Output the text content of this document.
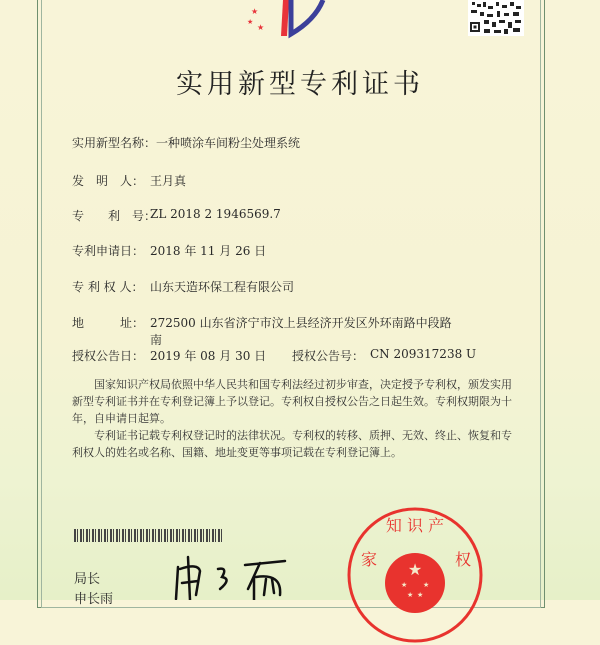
★
★
★
实用新型专利证书
实用新型名称：一种喷涂车间粉尘处理系统
发　明　人： 王月真
专　　利　号：ZL 2018 2 1946569.7
专利申请日： 2018 年 11 月 26 日
专 利 权 人： 山东天造环保工程有限公司
地　　　址： 272500 山东省济宁市汶上县经济开发区外环南路中段路
南
授权公告日： 2019 年 08 月 30 日 授权公告号： CN 209317238 U
国家知识产权局依照中华人民共和国专利法经过初步审查，决定授予专利权，颁发实用新型专利证书并在专利登记簿上予以登记。专利权自授权公告之日起生效。专利权期限为十年，自申请日起算。
专利证书记载专利权登记时的法律状况。专利权的转移、质押、无效、终止、恢复和专利权人的姓名或名称、国籍、地址变更等事项记载在专利登记簿上。
局长
申长雨
★
★ ★
★ ★
知 识 产
家	权
